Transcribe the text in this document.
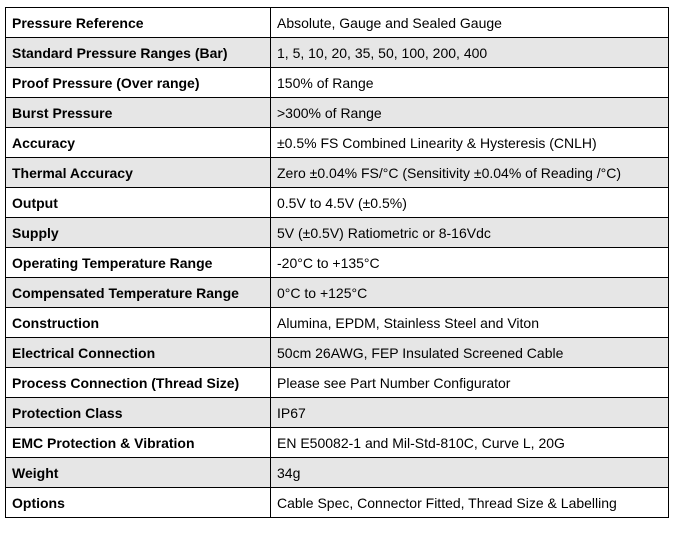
Pressure Reference	Absolute, Gauge and Sealed Gauge
Standard Pressure Ranges (Bar)	1, 5, 10, 20, 35, 50, 100, 200, 400
Proof Pressure (Over range)	150% of Range
Burst Pressure	>300% of Range
Accuracy	±0.5% FS Combined Linearity & Hysteresis (CNLH)
Thermal Accuracy	Zero ±0.04% FS/°C (Sensitivity ±0.04% of Reading /°C)
Output	0.5V to 4.5V (±0.5%)
Supply	5V (±0.5V) Ratiometric or 8-16Vdc
Operating Temperature Range	-20°C to +135°C
Compensated Temperature Range	0°C to +125°C
Construction	Alumina, EPDM, Stainless Steel and Viton
Electrical Connection	50cm 26AWG, FEP Insulated Screened Cable
Process Connection (Thread Size)	Please see Part Number Configurator
Protection Class	IP67
EMC Protection & Vibration	EN E50082-1 and Mil-Std-810C, Curve L, 20G
Weight	34g
Options	Cable Spec, Connector Fitted, Thread Size & Labelling
